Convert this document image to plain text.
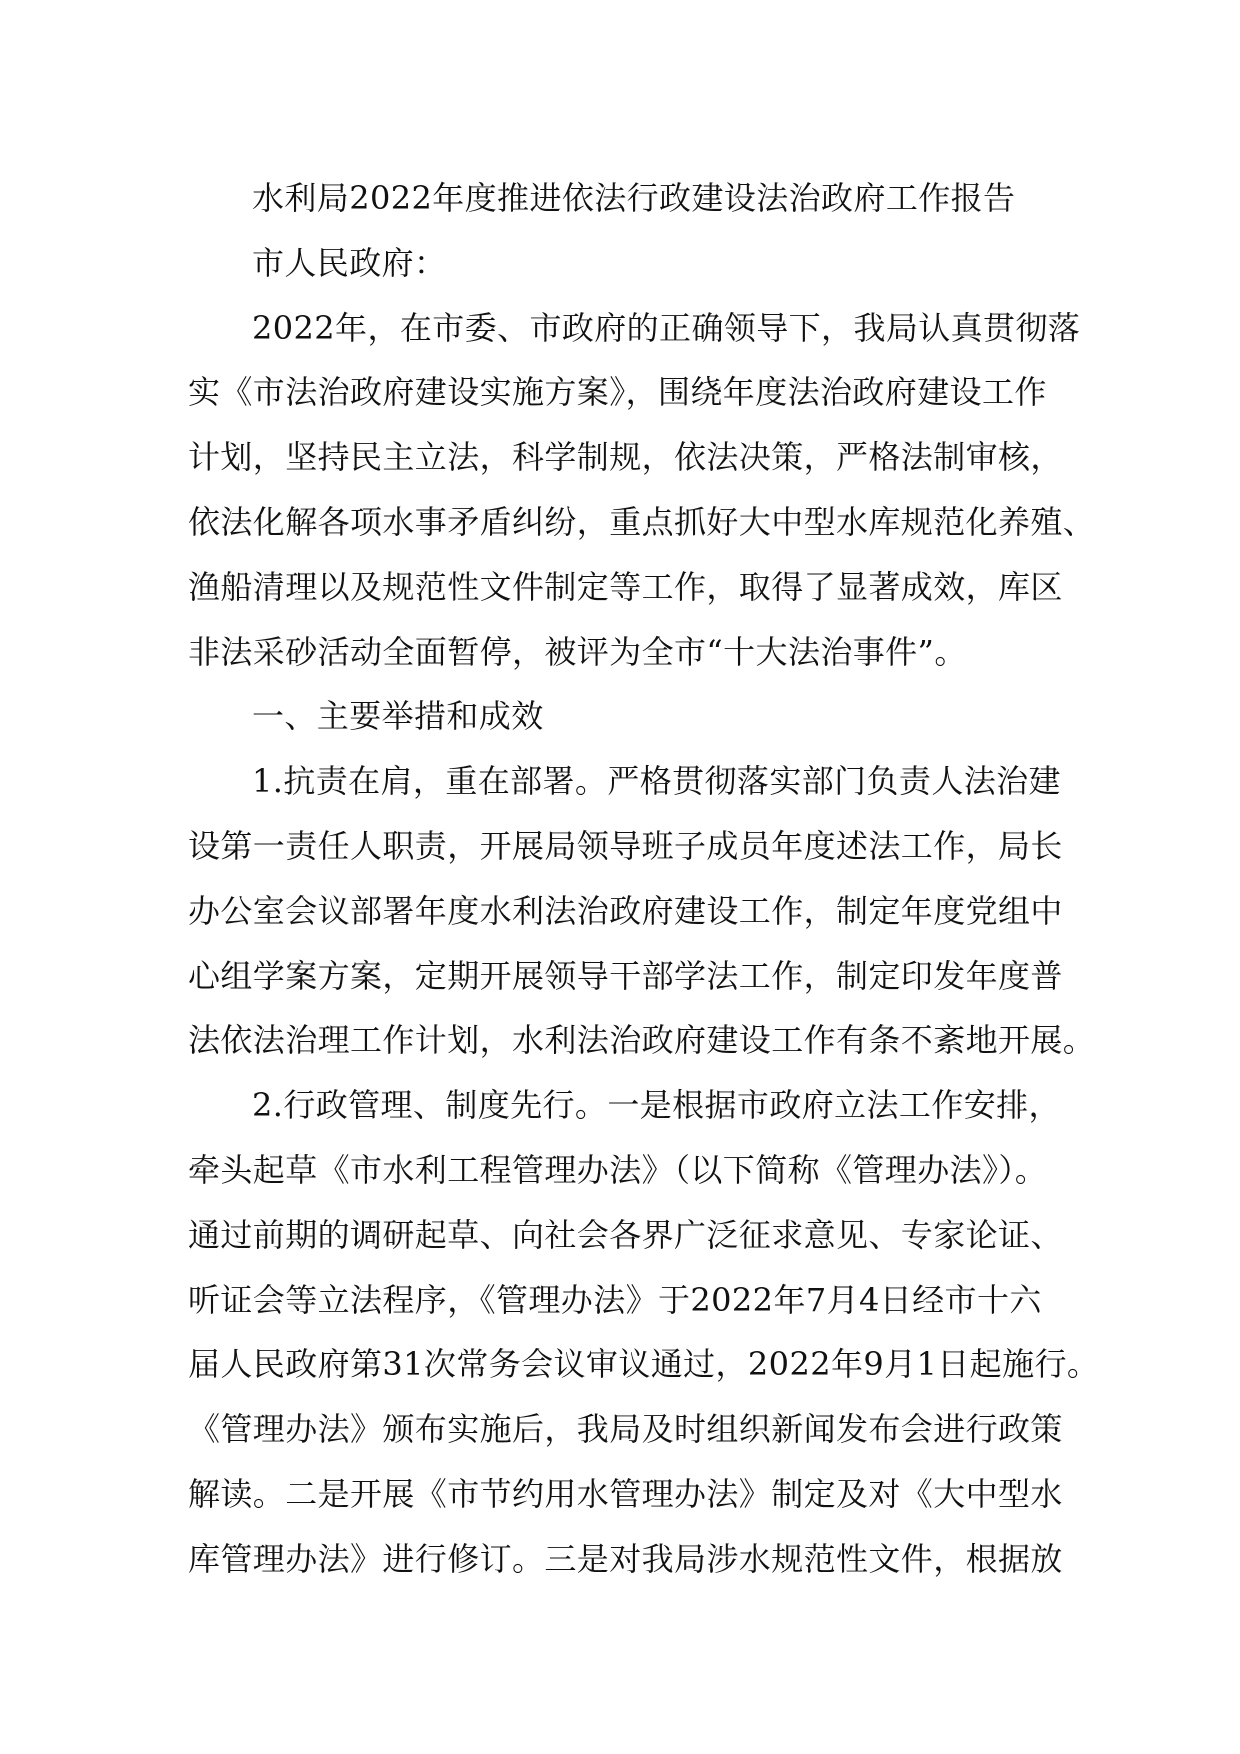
水利局2022年度推进依法行政建设法治政府工作报告
市人民政府：
2022年，在市委、市政府的正确领导下，我局认真贯彻落
实《市法治政府建设实施方案》，围绕年度法治政府建设工作
计划，坚持民主立法，科学制规，依法决策，严格法制审核，
依法化解各项水事矛盾纠纷，重点抓好大中型水库规范化养殖、
渔船清理以及规范性文件制定等工作，取得了显著成效，库区
非法采砂活动全面暂停，被评为全市“十大法治事件”。
一、主要举措和成效
1.抗责在肩，重在部署。严格贯彻落实部门负责人法治建
设第一责任人职责，开展局领导班子成员年度述法工作，局长
办公室会议部署年度水利法治政府建设工作，制定年度党组中
心组学案方案，定期开展领导干部学法工作，制定印发年度普
法依法治理工作计划，水利法治政府建设工作有条不紊地开展。
2.行政管理、制度先行。一是根据市政府立法工作安排，
牵头起草《市水利工程管理办法》（以下简称《管理办法》）。
通过前期的调研起草、向社会各界广泛征求意见、专家论证、
听证会等立法程序，《管理办法》于2022年7月4日经市十六
届人民政府第31次常务会议审议通过，2022年9月1日起施行。
《管理办法》颁布实施后，我局及时组织新闻发布会进行政策
解读。二是开展《市节约用水管理办法》制定及对《大中型水
库管理办法》进行修订。三是对我局涉水规范性文件，根据放
